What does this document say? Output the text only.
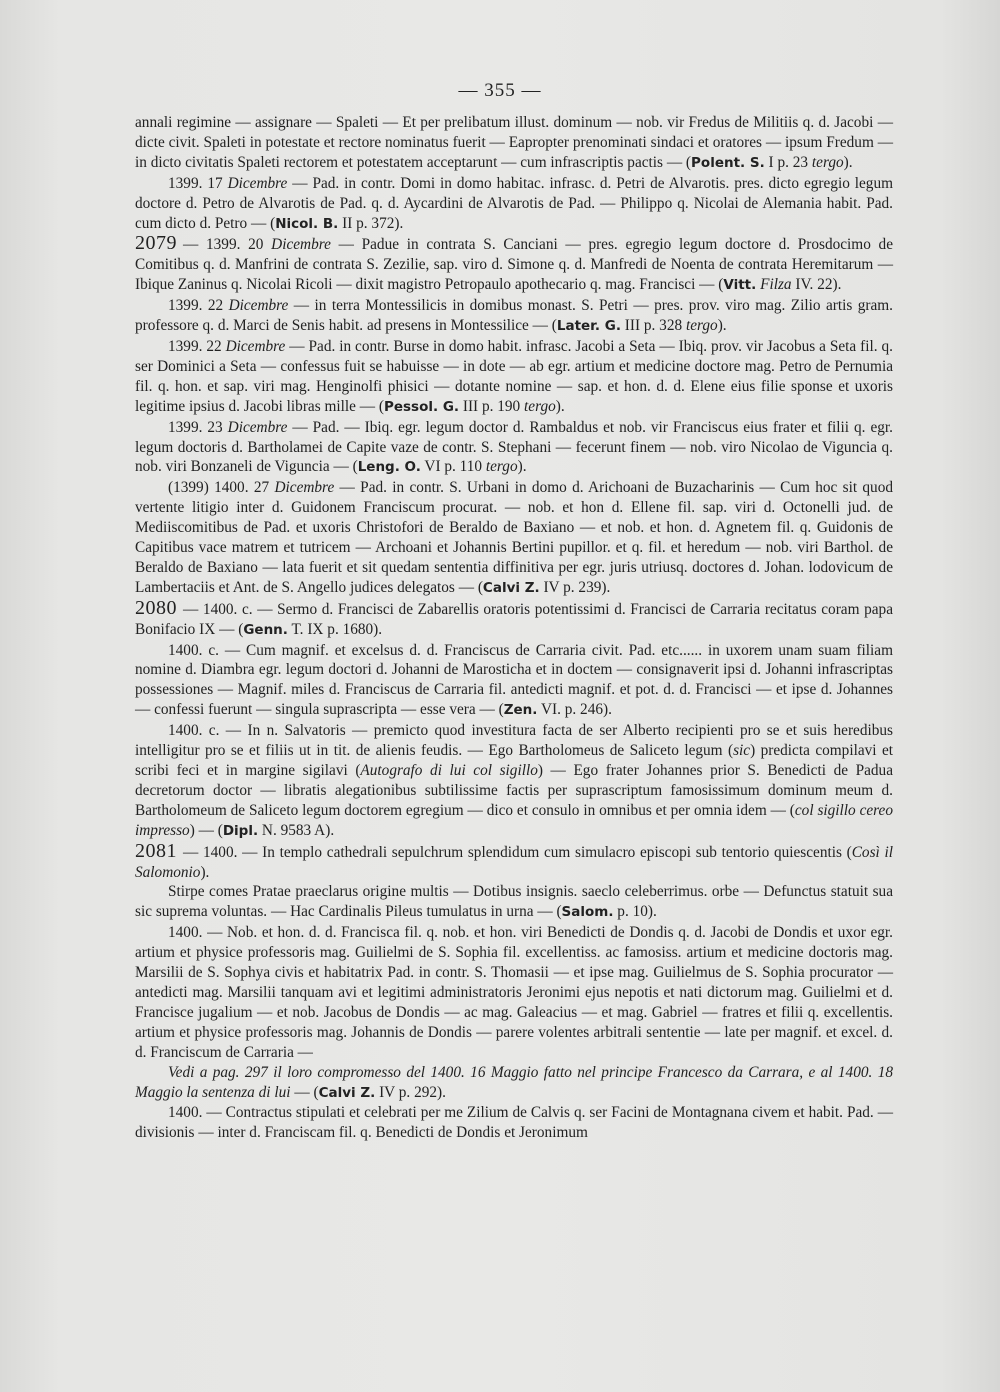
— 355 —

annali regimine — assignare — Spaleti — Et per prelibatum illust. dominum — nob. vir Fredus de Militiis q. d. Jacobi — dicte civit. Spaleti in potestate et rectore nominatus fuerit — Eapropter prenominati sindaci et oratores — ipsum Fredum — in dicto civitatis Spaleti rectorem et potestatem acceptarunt — cum infrascriptis pactis — (Polent. S. I p. 23 tergo).

1399. 17 Dicembre — Pad. in contr. Domi in domo habitac. infrasc. d. Petri de Alvarotis. pres. dicto egregio legum doctore d. Petro de Alvarotis de Pad. q. d. Aycardini de Alvarotis de Pad. — Philippo q. Nicolai de Alemania habit. Pad. cum dicto d. Petro — (Nicol. B. II p. 372).

2079 — 1399. 20 Dicembre — Padue in contrata S. Canciani — pres. egregio legum doctore d. Prosdocimo de Comitibus q. d. Manfrini de contrata S. Zezilie, sap. viro d. Simone q. d. Manfredi de Noenta de contrata Heremitarum — Ibique Zaninus q. Nicolai Ricoli — dixit magistro Petropaulo apothecario q. mag. Francisci — (Vitt. Filza IV. 22).

1399. 22 Dicembre — in terra Montessilicis in domibus monast. S. Petri — pres. prov. viro mag. Zilio artis gram. professore q. d. Marci de Senis habit. ad presens in Montessilice — (Later. G. III p. 328 tergo).

1399. 22 Dicembre — Pad. in contr. Burse in domo habit. infrasc. Jacobi a Seta — Ibiq. prov. vir Jacobus a Seta fil. q. ser Dominici a Seta — confessus fuit se habuisse — in dote — ab egr. artium et medicine doctore mag. Petro de Pernumia fil. q. hon. et sap. viri mag. Henginolfi phisici — dotante nomine — sap. et hon. d. d. Elene eius filie sponse et uxoris legitime ipsius d. Jacobi libras mille — (Pessol. G. III p. 190 tergo).

1399. 23 Dicembre — Pad. — Ibiq. egr. legum doctor d. Rambaldus et nob. vir Franciscus eius frater et filii q. egr. legum doctoris d. Bartholamei de Capite vaze de contr. S. Stephani — fecerunt finem — nob. viro Nicolao de Viguncia q. nob. viri Bonzaneli de Viguncia — (Leng. O. VI p. 110 tergo).

(1399) 1400. 27 Dicembre — Pad. in contr. S. Urbani in domo d. Arichoani de Buzacharinis — Cum hoc sit quod vertente litigio inter d. Guidonem Franciscum procurat. — nob. et hon d. Ellene fil. sap. viri d. Octonelli jud. de Mediiscomitibus de Pad. et uxoris Christofori de Beraldo de Baxiano — et nob. et hon. d. Agnetem fil. q. Guidonis de Capitibus vace matrem et tutricem — Archoani et Johannis Bertini pupillor. et q. fil. et heredum — nob. viri Barthol. de Beraldo de Baxiano — lata fuerit et sit quedam sententia diffinitiva per egr. juris utriusq. doctores d. Johan. lodovicum de Lambertaciis et Ant. de S. Angello judices delegatos — (Calvi Z. IV p. 239).

2080 — 1400. c. — Sermo d. Francisci de Zabarellis oratoris potentissimi d. Francisci de Carraria recitatus coram papa Bonifacio IX — (Genn. T. IX p. 1680).

1400. c. — Cum magnif. et excelsus d. d. Franciscus de Carraria civit. Pad. etc...... in uxorem unam suam filiam nomine d. Diambra egr. legum doctori d. Johanni de Marosticha et in doctem — consignaverit ipsi d. Johanni infrascriptas possessiones — Magnif. miles d. Franciscus de Carraria fil. antedicti magnif. et pot. d. d. Francisci — et ipse d. Johannes — confessi fuerunt — singula suprascripta — esse vera — (Zen. VI. p. 246).

1400. c. — In n. Salvatoris — premicto quod investitura facta de ser Alberto recipienti pro se et suis heredibus intelligitur pro se et filiis ut in tit. de alienis feudis. — Ego Bartholomeus de Saliceto legum (sic) predicta compilavi et scribi feci et in margine sigilavi (Autografo di lui col sigillo) — Ego frater Johannes prior S. Benedicti de Padua decretorum doctor — libratis alegationibus subtilissime factis per suprascriptum famosissimum dominum meum d. Bartholomeum de Saliceto legum doctorem egregium — dico et consulo in omnibus et per omnia idem — (col sigillo cereo impresso) — (Dipl. N. 9583 A).

2081 — 1400. — In templo cathedrali sepulchrum splendidum cum simulacro episcopi sub tentorio quiescentis (Così il Salomonio).

Stirpe comes Pratae praeclarus origine multis — Dotibus insignis. saeclo celeberrimus. orbe — Defunctus statuit sua sic suprema voluntas. — Hac Cardinalis Pileus tumulatus in urna — (Salom. p. 10).

1400. — Nob. et hon. d. d. Francisca fil. q. nob. et hon. viri Benedicti de Dondis q. d. Jacobi de Dondis et uxor egr. artium et physice professoris mag. Guilielmi de S. Sophia fil. excellentiss. ac famosiss. artium et medicine doctoris mag. Marsilii de S. Sophya civis et habitatrix Pad. in contr. S. Thomasii — et ipse mag. Guilielmus de S. Sophia procurator — antedicti mag. Marsilii tanquam avi et legitimi administratoris Jeronimi ejus nepotis et nati dictorum mag. Guilielmi et d. Francisce jugalium — et nob. Jacobus de Dondis — ac mag. Galeacius — et mag. Gabriel — fratres et filii q. excellentis. artium et physice professoris mag. Johannis de Dondis — parere volentes arbitrali sententie — late per magnif. et excel. d. d. Franciscum de Carraria —

Vedi a pag. 297 il loro compromesso del 1400. 16 Maggio fatto nel principe Francesco da Carrara, e al 1400. 18 Maggio la sentenza di lui — (Calvi Z. IV p. 292).

1400. — Contractus stipulati et celebrati per me Zilium de Calvis q. ser Facini de Montagnana civem et habit. Pad. — divisionis — inter d. Franciscam fil. q. Benedicti de Dondis et Jeronimum
